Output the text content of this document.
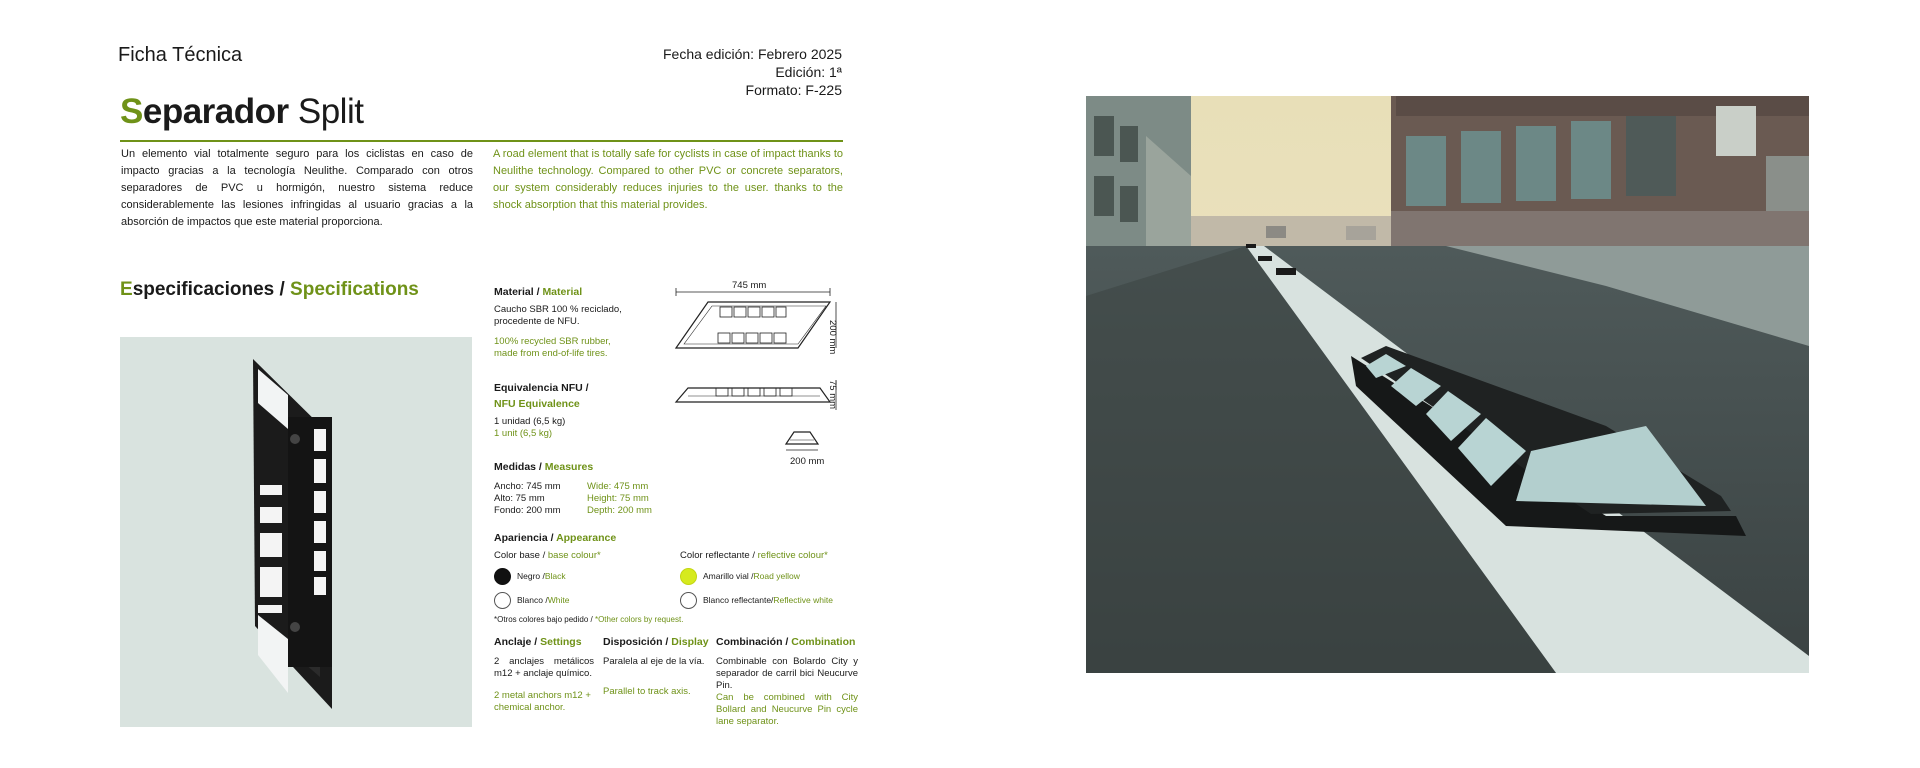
Ficha Técnica	Fecha edición: Febrero 2025
Edición: 1ª
Formato: F-225
Separador Split
Un elemento vial totalmente seguro para los ciclistas en caso de impacto gracias a la tecnología Neulithe. Comparado con otros separadores de PVC u hormigón, nuestro sistema reduce considerablemente las lesiones infringidas al usuario gracias a la absorción de impactos que este material proporciona.
A road element that is totally safe for cyclists in case of impact thanks to Neulithe technology. Compared to other PVC or concrete separators, our system considerably reduces injuries to the user. thanks to the shock absorption that this material provides.
Especificaciones / Specifications	Material / Material
Caucho SBR 100 % reciclado,
procedente de NFU.
100% recycled SBR rubber,
made from end-of-life tires.
Equivalencia NFU /
NFU Equivalence
1 unidad (6,5 kg)
1 unit (6,5 kg)
Medidas / Measures
Ancho: 745 mm
Alto: 75 mm
Fondo: 200 mm
Wide: 475 mm
Height: 75 mm
Depth: 200 mm
Apariencia / Appearance
Color base / base colour*
Negro / Black
Blanco / White
Color reflectante / reflective colour*
Amarillo vial / Road yellow
Blanco reflectante/ Reflective white
*Otros colores bajo pedido / *Other colors by request.
Anclaje / Settings
2 anclajes metálicos m12 + anclaje químico.
2 metal anchors m12 + chemical anchor.
Disposición / Display
Paralela al eje de la vía.
Parallel to track axis.
Combinación / Combination
Combinable con Bolardo City y separador de carril bici Neucurve Pin.
Can be combined with City Bollard and Neucurve Pin cycle lane separator.
745 mm
200 mm
75 mm
200 mm
